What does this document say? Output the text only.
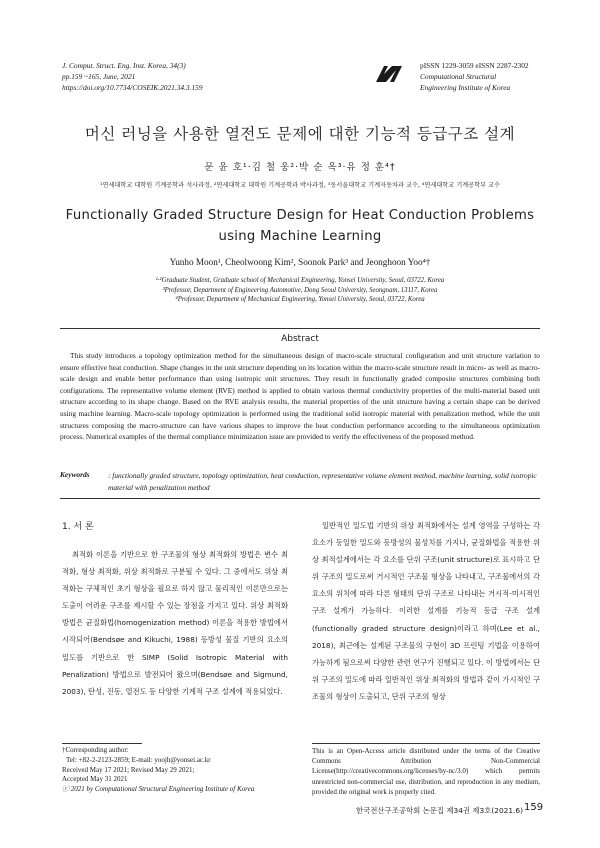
J. Comput. Struct. Eng. Inst. Korea, 34(3)
pp.159 ~165, June, 2021
https://doi.org/10.7734/COSEIK.2021.34.3.159
pISSN 1229-3059 eISSN 2287-2302
Computational Structural
Engineering Institute of Korea
머신 러닝을 사용한 열전도 문제에 대한 기능적 등급구조 설계
문 윤 호¹·김 철 웅²·박 순 옥³·유 정 훈⁴†
¹연세대학교 대학원 기계공학과 석사과정, ²연세대학교 대학원 기계공학과 박사과정, ³동서울대학교 기계자동차과 교수, ⁴연세대학교 기계공학부 교수
Functionally Graded Structure Design for Heat Conduction Problems
using Machine Learning
Yunho Moon¹, Cheolwoong Kim², Soonok Park³ and Jeonghoon Yoo⁴†
¹·²Graduate Student, Graduate school of Mechanical Engineering, Yonsei University, Seoul, 03722, Korea
³Professor, Department of Engineering Automotive, Dong Seoul University, Seongnam, 13117, Korea
⁴Professor, Department of Mechanical Engineering, Yonsei University, Seoul, 03722, Korea
Abstract
This study introduces a topology optimization method for the simultaneous design of macro-scale structural configuration and unit structure variation to ensure effective heat conduction. Shape changes in the unit structure depending on its location within the macro-scale structure result in micro- as well as macro-scale design and enable better performance than using isotropic unit structures. They result in functionally graded composite structures combining both configurations. The representative volume element (RVE) method is applied to obtain various thermal conductivity properties of the multi-material based unit structure according to its shape change. Based on the RVE analysis results, the material properties of the unit structure having a certain shape can be derived using machine learning. Macro-scale topology optimization is performed using the traditional solid isotropic material with penalization method, while the unit structures composing the macro-structure can have various shapes to improve the heat conduction performance according to the simultaneous optimization process. Numerical examples of the thermal compliance minimization issue are provided to verify the effectiveness of the proposed method.
Keywords : functionally graded structure, topology optimization, heat conduction, representative volume element method, machine learning, solid isotropic material with penalization method
1. 서 론
최적화 이론을 기반으로 한 구조물의 형상 최적화의 방법은 변수 최적화, 형상 최적화, 위상 최적화로 구분될 수 있다. 그 중에서도 위상 최적화는 구체적인 초기 형상을 필요로 하지 않고 물리적인 이론만으로는 도출이 어려운 구조를 제시할 수 있는 장점을 가지고 있다. 위상 최적화 방법은 균질화법(homogenization method) 이론을 적용한 방법에서 시작되어(Bendsøe and Kikuchi, 1988) 등방성 물질 기반의 요소의 밀도를 기반으로 한 SIMP (Solid Isotropic Material with Penalization) 방법으로 발전되어 왔으며(Bendsøe and Sigmund, 2003), 탄성, 진동, 열전도 등 다양한 기계적 구조 설계에 적용되었다.
일반적인 밀도법 기반의 위상 최적화에서는 설계 영역을 구성하는 각 요소가 동일한 밀도와 등방성의 물성치를 가지나, 균질화법을 적용한 위상 최적설계에서는 각 요소를 단위 구조(unit structure)로 표시하고 단위 구조의 밀도로써 거시적인 구조물 형상을 나타내고, 구조물에서의 각 요소의 위치에 따라 다른 형태의 단위 구조로 나타내는 거시적-미시적인 구조 설계가 가능하다. 이러한 설계를 기능적 등급 구조 설계(functionally graded structure design)이라고 하며(Lee et al., 2018), 최근에는 설계된 구조물의 구현이 3D 프린팅 기법을 이용하여 가능하게 됨으로써 다양한 관련 연구가 진행되고 있다. 이 방법에서는 단위 구조의 밀도에 따라 일반적인 위상 최적화의 방법과 같이 가시적인 구조물의 형상이 도출되고, 단위 구조의 형상
†Corresponding author:
Tel: +82-2-2123-2859; E-mail: yoojh@yonsei.ac.kr
Received May 17 2021; Revised May 29 2021;
Accepted May 31 2021
ⓒ 2021 by Computational Structural Engineering Institute of Korea
This is an Open-Access article distributed under the terms of the Creative Commons Attribution Non-Commercial License(http://creativecommons.org/licenses/by-nc/3.0) which permits unrestricted non-commercial use, distribution, and reproduction in any medium, provided the original work is properly cited.
한국전산구조공학회 논문집 제34권 제3호(2021.6) 159
